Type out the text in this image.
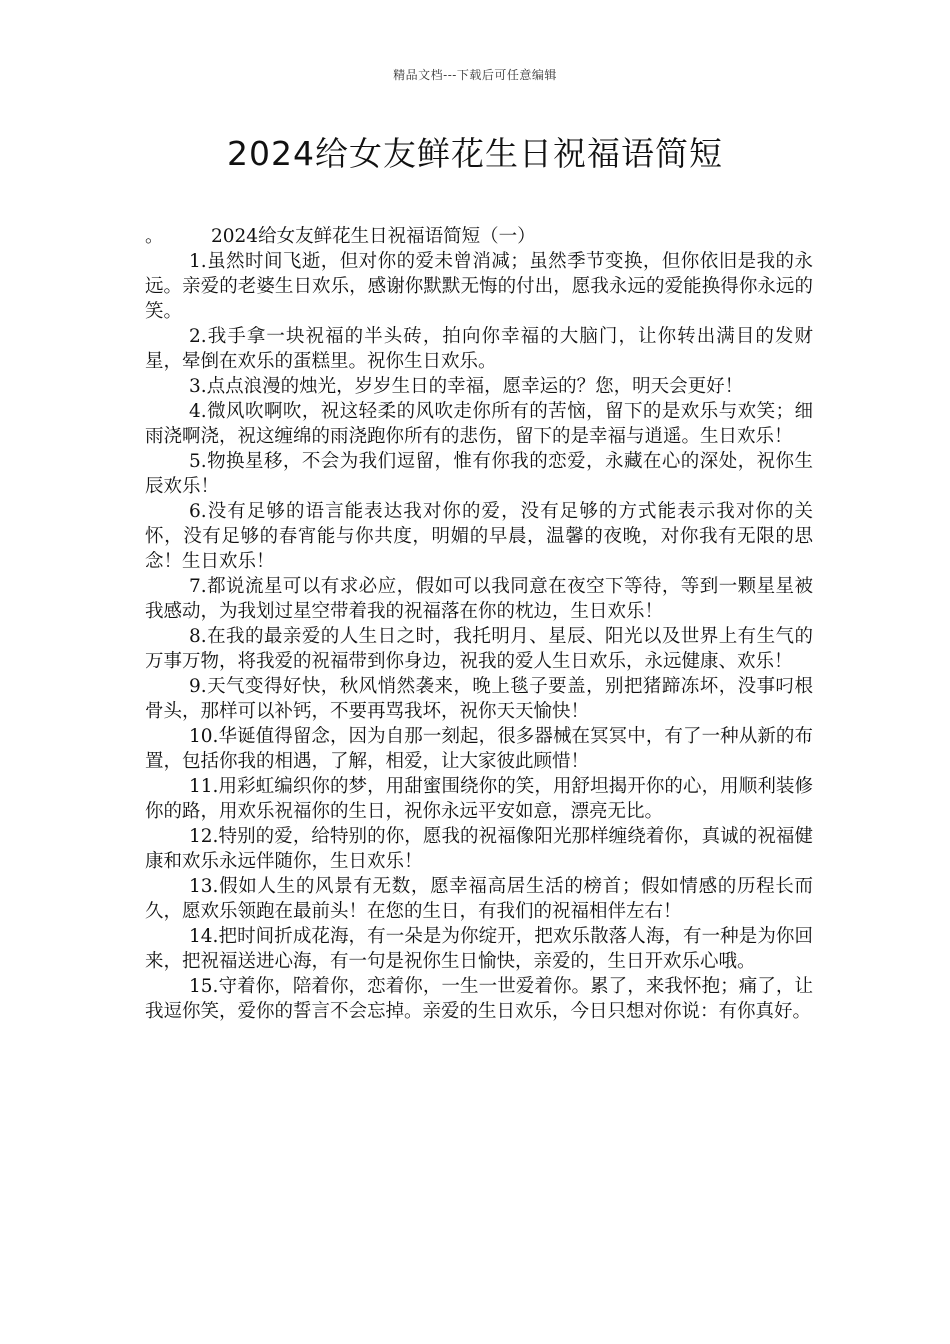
精品文档---下载后可任意编辑
2024给女友鲜花生日祝福语简短

。	2024给女友鲜花生日祝福语简短（一）

1.虽然时间飞逝，但对你的爱未曾消减；虽然季节变换，但你依旧是我的永远。亲爱的老婆生日欢乐，感谢你默默无悔的付出，愿我永远的爱能换得你永远的笑。

2.我手拿一块祝福的半头砖，拍向你幸福的大脑门，让你转出满目的发财星，晕倒在欢乐的蛋糕里。祝你生日欢乐。

3.点点浪漫的烛光，岁岁生日的幸福，愿幸运的？您，明天会更好！

4.微风吹啊吹，祝这轻柔的风吹走你所有的苦恼，留下的是欢乐与欢笑；细雨浇啊浇，祝这缠绵的雨浇跑你所有的悲伤，留下的是幸福与逍遥。生日欢乐！

5.物换星移，不会为我们逗留，惟有你我的恋爱，永藏在心的深处，祝你生辰欢乐！

6.没有足够的语言能表达我对你的爱，没有足够的方式能表示我对你的关怀，没有足够的春宵能与你共度，明媚的早晨，温馨的夜晚，对你我有无限的思念！生日欢乐！

7.都说流星可以有求必应，假如可以我同意在夜空下等待，等到一颗星星被我感动，为我划过星空带着我的祝福落在你的枕边，生日欢乐！

8.在我的最亲爱的人生日之时，我托明月、星辰、阳光以及世界上有生气的万事万物，将我爱的祝福带到你身边，祝我的爱人生日欢乐，永远健康、欢乐！

9.天气变得好快，秋风悄然袭来，晚上毯子要盖，别把猪蹄冻坏，没事叼根骨头，那样可以补钙，不要再骂我坏，祝你天天愉快！

10.华诞值得留念，因为自那一刻起，很多器械在冥冥中，有了一种从新的布置，包括你我的相遇，了解，相爱，让大家彼此顾惜！

11.用彩虹编织你的梦，用甜蜜围绕你的笑，用舒坦揭开你的心，用顺利装修你的路，用欢乐祝福你的生日，祝你永远平安如意，漂亮无比。

12.特别的爱，给特别的你，愿我的祝福像阳光那样缠绕着你，真诚的祝福健康和欢乐永远伴随你，生日欢乐！

13.假如人生的风景有无数，愿幸福高居生活的榜首；假如情感的历程长而久，愿欢乐领跑在最前头！在您的生日，有我们的祝福相伴左右！

14.把时间折成花海，有一朵是为你绽开，把欢乐散落人海，有一种是为你回来，把祝福送进心海，有一句是祝你生日愉快，亲爱的，生日开欢乐心哦。

15.守着你，陪着你，恋着你，一生一世爱着你。累了，来我怀抱；痛了，让我逗你笑，爱你的誓言不会忘掉。亲爱的生日欢乐，今日只想对你说：有你真好。
